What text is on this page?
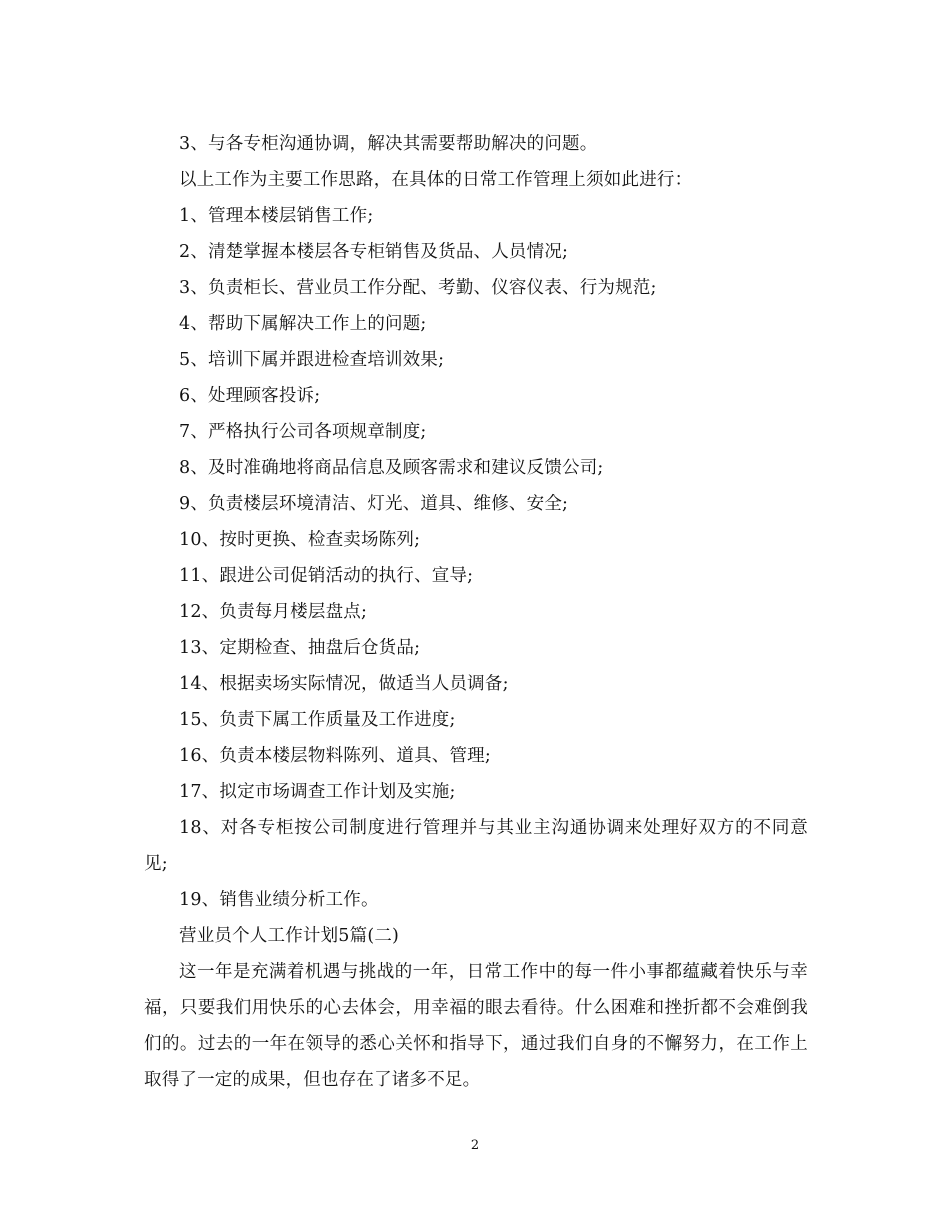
3、与各专柜沟通协调，解决其需要帮助解决的问题。

以上工作为主要工作思路，在具体的日常工作管理上须如此进行：

1、管理本楼层销售工作;

2、清楚掌握本楼层各专柜销售及货品、人员情况;

3、负责柜长、营业员工作分配、考勤、仪容仪表、行为规范;

4、帮助下属解决工作上的问题;

5、培训下属并跟进检查培训效果;

6、处理顾客投诉;

7、严格执行公司各项规章制度;

8、及时准确地将商品信息及顾客需求和建议反馈公司;

9、负责楼层环境清洁、灯光、道具、维修、安全;

10、按时更换、检查卖场陈列;

11、跟进公司促销活动的执行、宣导;

12、负责每月楼层盘点;

13、定期检查、抽盘后仓货品;

14、根据卖场实际情况，做适当人员调备;

15、负责下属工作质量及工作进度;

16、负责本楼层物料陈列、道具、管理;

17、拟定市场调查工作计划及实施;

18、对各专柜按公司制度进行管理并与其业主沟通协调来处理好双方的不同意见;

19、销售业绩分析工作。

营业员个人工作计划5篇(二)

这一年是充满着机遇与挑战的一年，日常工作中的每一件小事都蕴藏着快乐与幸福，只要我们用快乐的心去体会，用幸福的眼去看待。什么困难和挫折都不会难倒我们的。过去的一年在领导的悉心关怀和指导下，通过我们自身的不懈努力，在工作上取得了一定的成果，但也存在了诸多不足。

2
